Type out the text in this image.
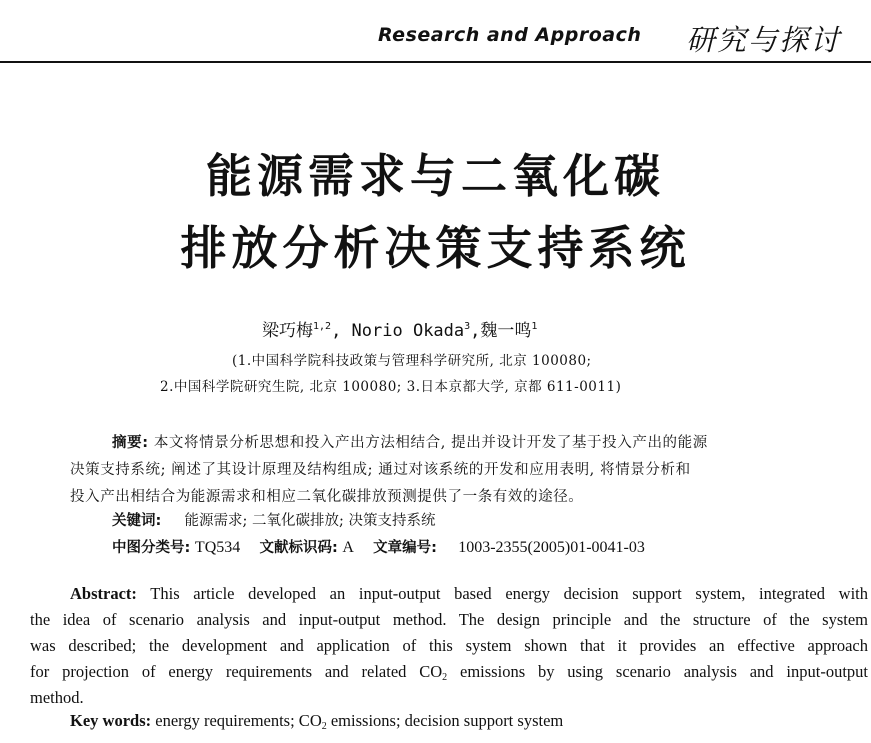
Research and Approach 研究与探讨
能源需求与二氧化碳
排放分析决策支持系统
梁巧梅$^{1,2}$, Norio Okada$^3$,魏一鸣$^1$
(1.中国科学院科技政策与管理科学研究所, 北京 100080;
2.中国科学院研究生院, 北京 100080; 3.日本京都大学, 京都 611-0011)
摘要: 本文将情景分析思想和投入产出方法相结合, 提出并设计开发了基于投入产出的能源
决策支持系统; 阐述了其设计原理及结构组成; 通过对该系统的开发和应用表明, 将情景分析和
投入产出相结合为能源需求和相应二氧化碳排放预测提供了一条有效的途径。
关键词: 能源需求; 二氧化碳排放; 决策支持系统
中图分类号: TQ534 文献标识码: A 文章编号: 1003-2355(2005)01-0041-03
Abstract: This article developed an input-output based energy decision support system, integrated with
the idea of scenario analysis and input-output method. The design principle and the structure of the system
was described; the development and application of this system shown that it provides an effective approach
for projection of energy requirements and related $CO_2$ emissions by using scenario analysis and input-output
method.
Key words: energy requirements; $CO_2$ emissions; decision support system
